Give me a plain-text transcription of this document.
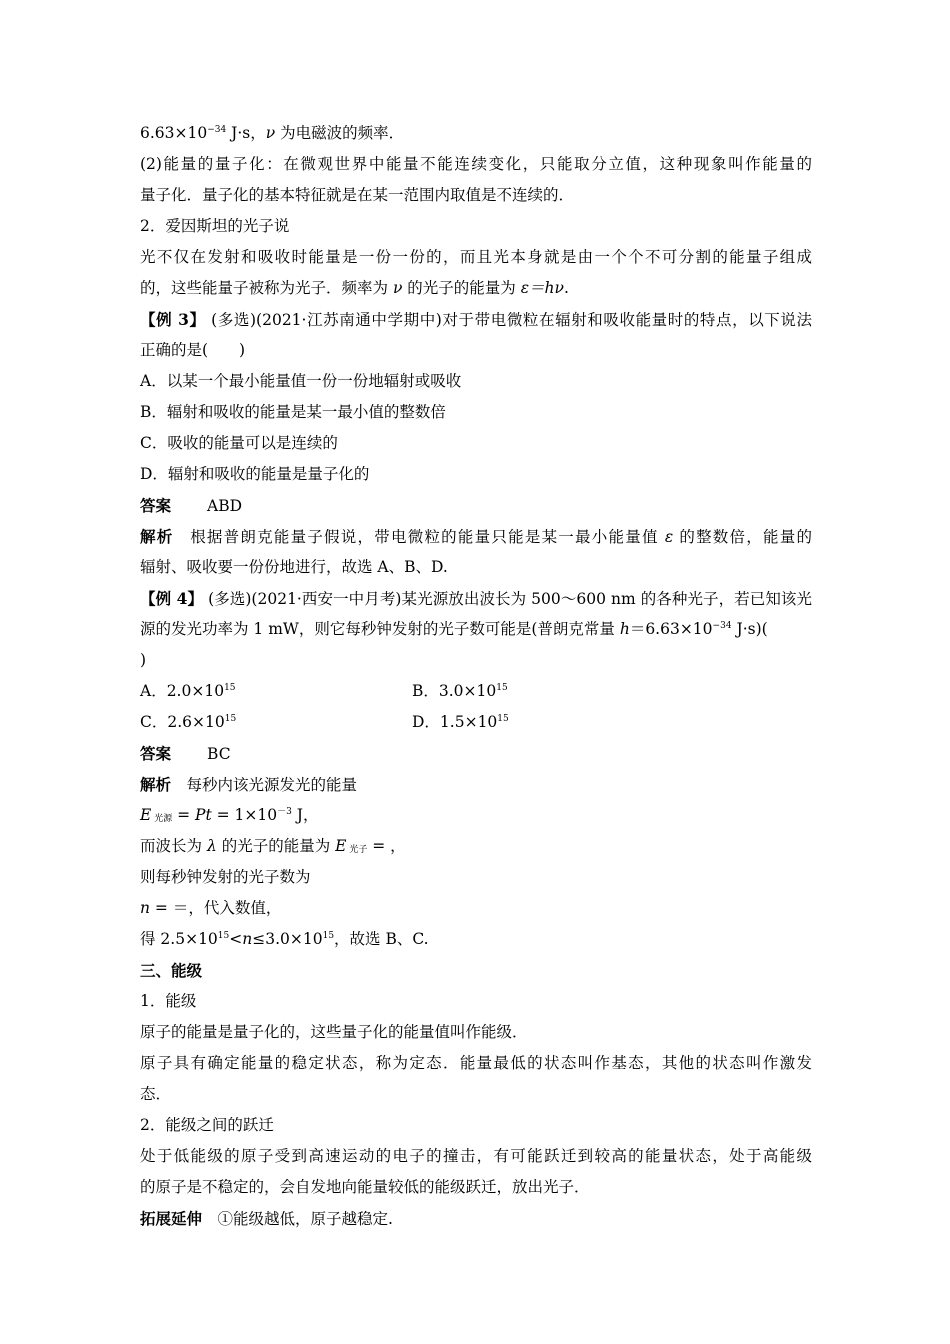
$6.63\times 10^{-34}$ J·s，ν 为电磁波的频率．
(2)能量的量子化：在微观世界中能量不能连续变化，只能取分立值，这种现象叫作能量的
量子化．量子化的基本特征就是在某一范围内取值是不连续的．
2．爱因斯坦的光子说
光不仅在发射和吸收时能量是一份一份的，而且光本身就是由一个个不可分割的能量子组成
的，这些能量子被称为光子．频率为 ν 的光子的能量为 ε＝hν.
【例 3】 (多选)(2021·江苏南通中学期中)对于带电微粒在辐射和吸收能量时的特点，以下说法
正确的是(　　)
A．以某一个最小能量值一份一份地辐射或吸收
B．辐射和吸收的能量是某一最小值的整数倍
C．吸收的能量可以是连续的
D．辐射和吸收的能量是量子化的
答案 ABD
解析　 根据普朗克能量子假说，带电微粒的能量只能是某一最小能量值 ε 的整数倍，能量的
辐射、吸收要一份份地进行，故选 A、B、D.
【例 4】 (多选)(2021·西安一中月考)某光源放出波长为 500～600 nm 的各种光子，若已知该光
源的发光功率为 1 mW，则它每秒钟发射的光子数可能是(普朗克常量 $h=6.63\times 10^{-34}$ J·s)(
)
A．$2.0\times 10^{15}$	B．$3.0\times 10^{15}$
C．$2.6\times 10^{15}$	D．$1.5\times 10^{15}$
答案 BC
解析　 每秒内该光源发光的能量
E 光源 = $Pt = 1\times 10^{-3}$ J，
而波长为 λ 的光子的能量为 E 光子 = ，
则每秒钟发射的光子数为
n = ＝，代入数值，
得 $2.5\times 10^{15}<n\le 3.0\times 10^{15}$，故选 B、C.
三、能级
1．能级
原子的能量是量子化的，这些量子化的能量值叫作能级．
原子具有确定能量的稳定状态，称为定态．能量最低的状态叫作基态，其他的状态叫作激发
态．
2．能级之间的跃迁
处于低能级的原子受到高速运动的电子的撞击，有可能跃迁到较高的能量状态，处于高能级
的原子是不稳定的，会自发地向能量较低的能级跃迁，放出光子．
拓展延伸　 ①能级越低，原子越稳定.
